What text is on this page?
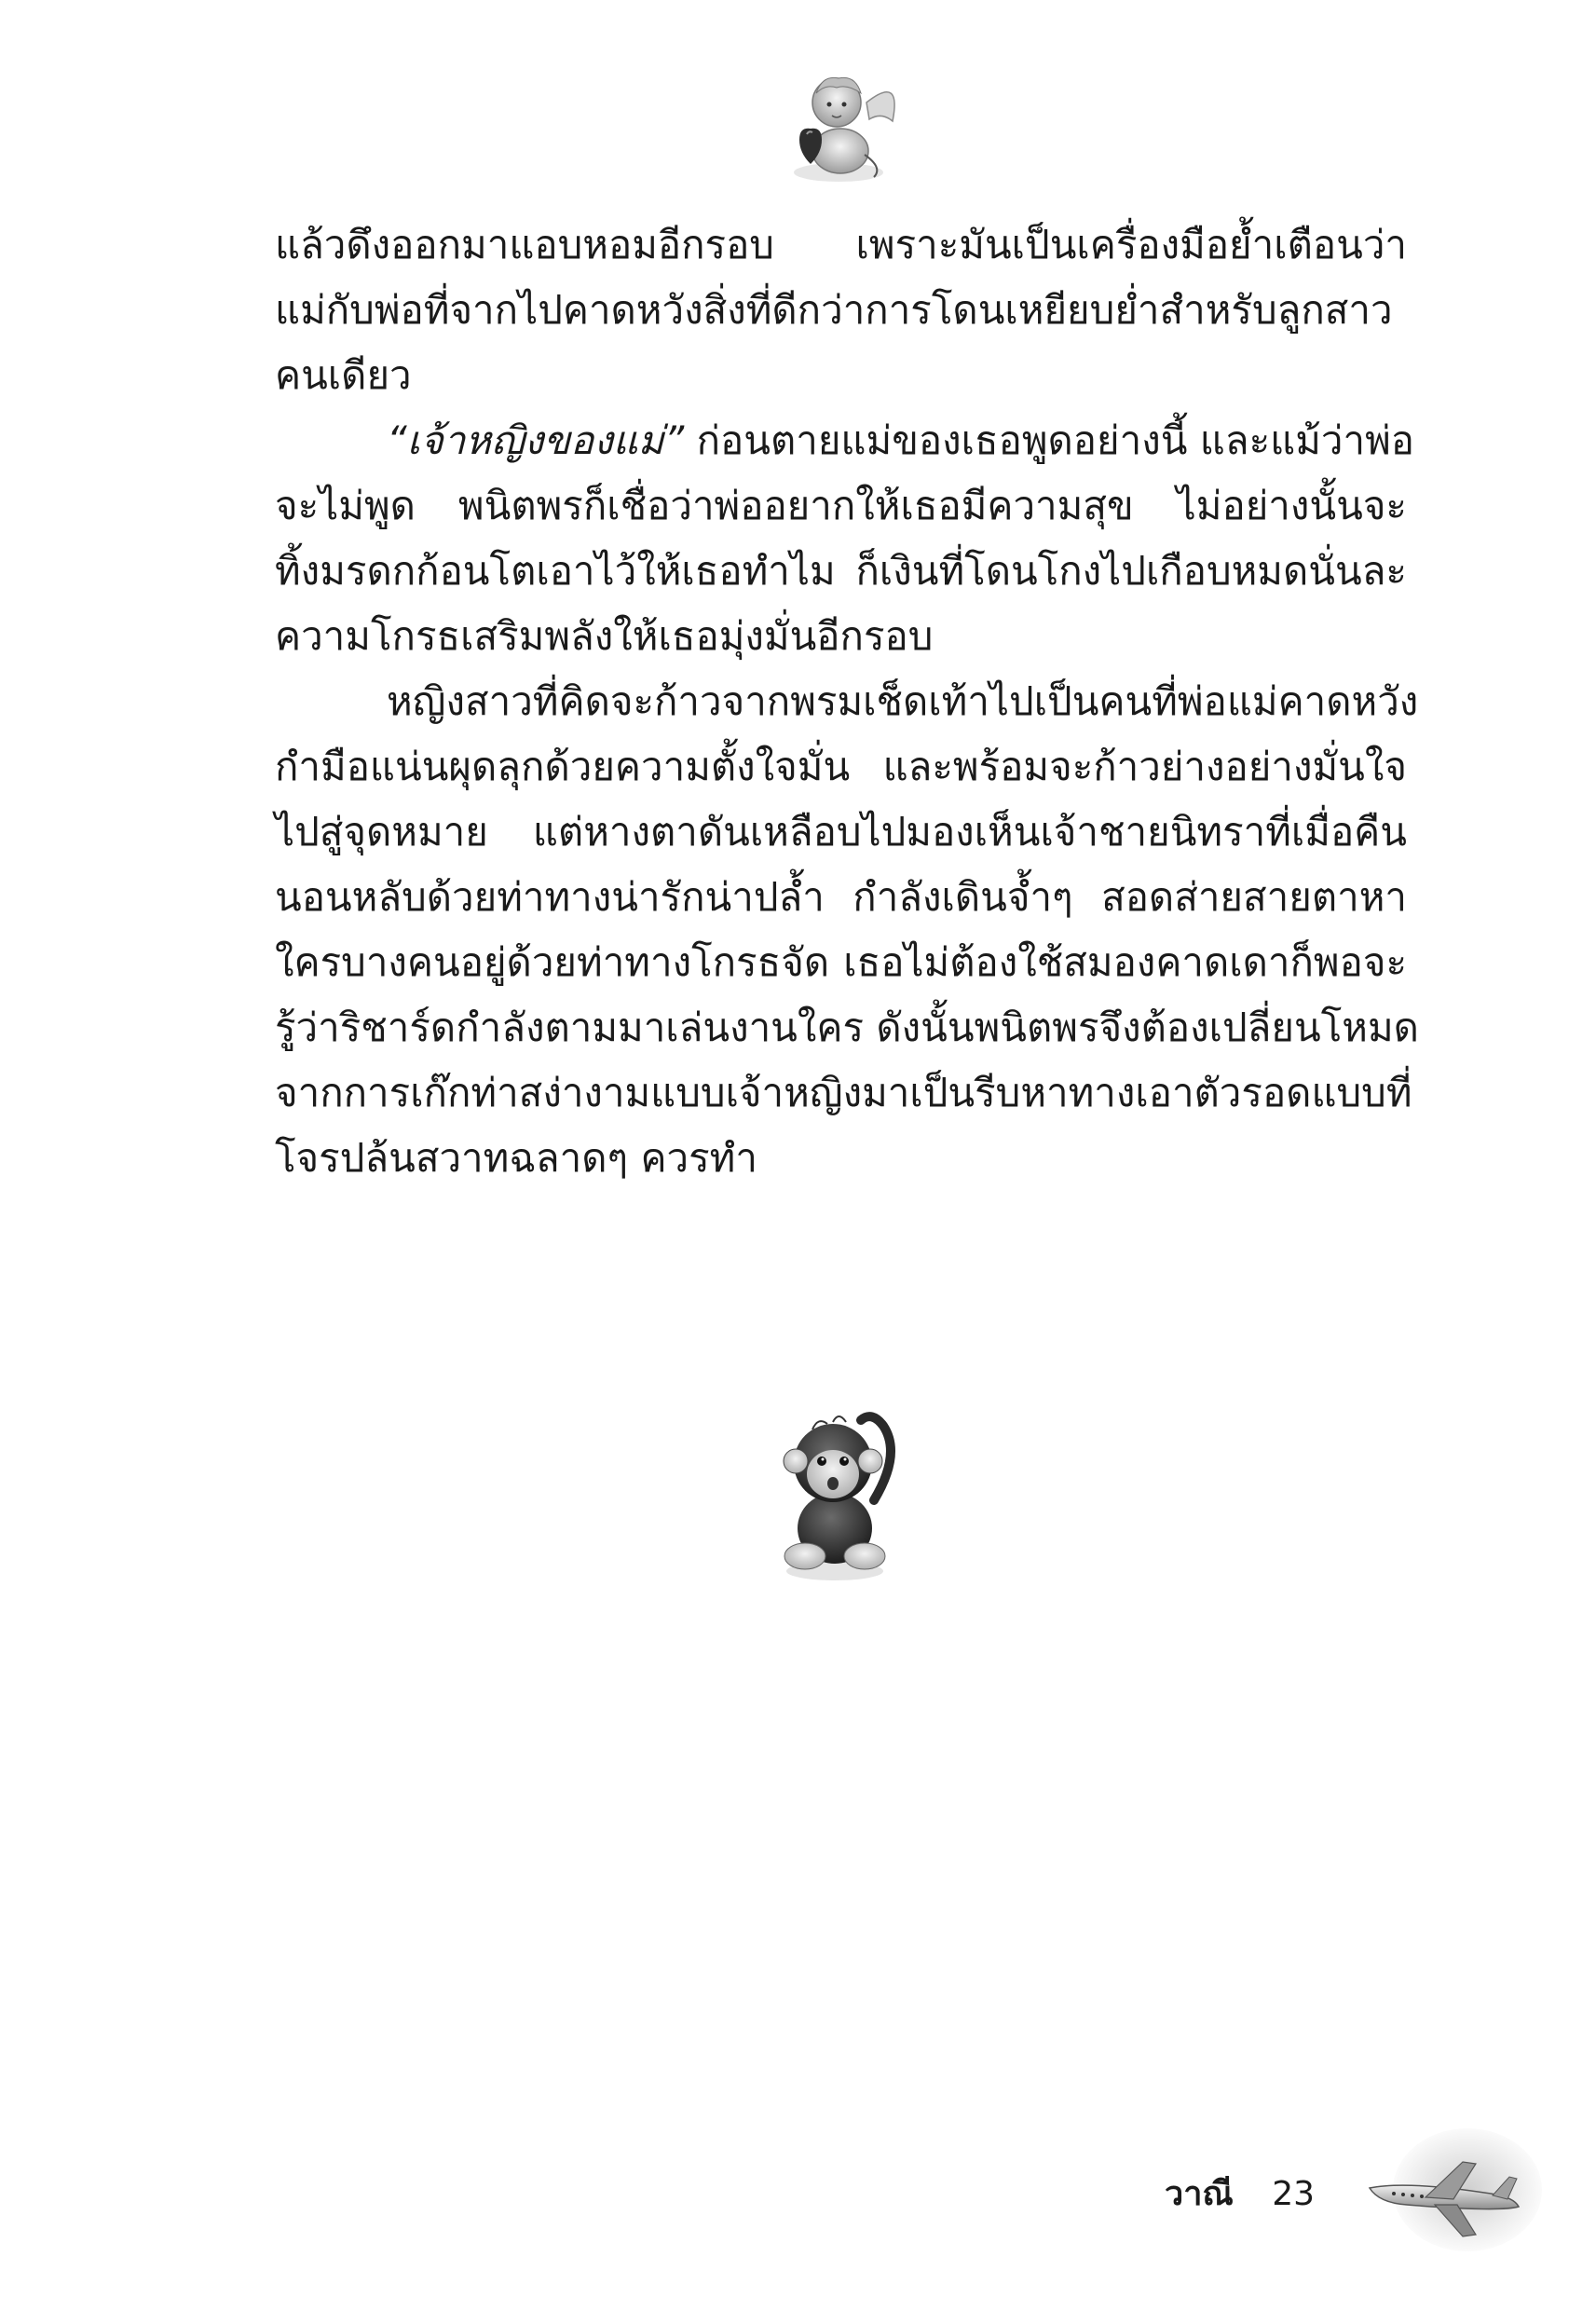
แล้วดึงออกมาแอบหอมอีกรอบ เพราะมันเป็นเครื่องมือย้ำเตือนว่า
แม่กับพ่อที่จากไปคาดหวังสิ่งที่ดีกว่าการโดนเหยียบย่ำสำหรับลูกสาว
คนเดียว
“เจ้าหญิงของแม่” ก่อนตายแม่ของเธอพูดอย่างนี้ และแม้ว่าพ่อ
จะไม่พูด พนิตพรก็เชื่อว่าพ่ออยากให้เธอมีความสุข ไม่อย่างนั้นจะ
ทิ้งมรดกก้อนโตเอาไว้ให้เธอทำไม ก็เงินที่โดนโกงไปเกือบหมดนั่นละ
ความโกรธเสริมพลังให้เธอมุ่งมั่นอีกรอบ
หญิงสาวที่คิดจะก้าวจากพรมเช็ดเท้าไปเป็นคนที่พ่อแม่คาดหวัง
กำมือแน่นผุดลุกด้วยความตั้งใจมั่น และพร้อมจะก้าวย่างอย่างมั่นใจ
ไปสู่จุดหมาย แต่หางตาดันเหลือบไปมองเห็นเจ้าชายนิทราที่เมื่อคืน
นอนหลับด้วยท่าทางน่ารักน่าปล้ำ กำลังเดินจ้ำๆ สอดส่ายสายตาหา
ใครบางคนอยู่ด้วยท่าทางโกรธจัด เธอไม่ต้องใช้สมองคาดเดาก็พอจะ
รู้ว่าริชาร์ดกำลังตามมาเล่นงานใคร ดังนั้นพนิตพรจึงต้องเปลี่ยนโหมด
จากการเก๊กท่าสง่างามแบบเจ้าหญิงมาเป็นรีบหาทางเอาตัวรอดแบบที่
โจรปล้นสวาทฉลาดๆ ควรทำ
วาณี 23
